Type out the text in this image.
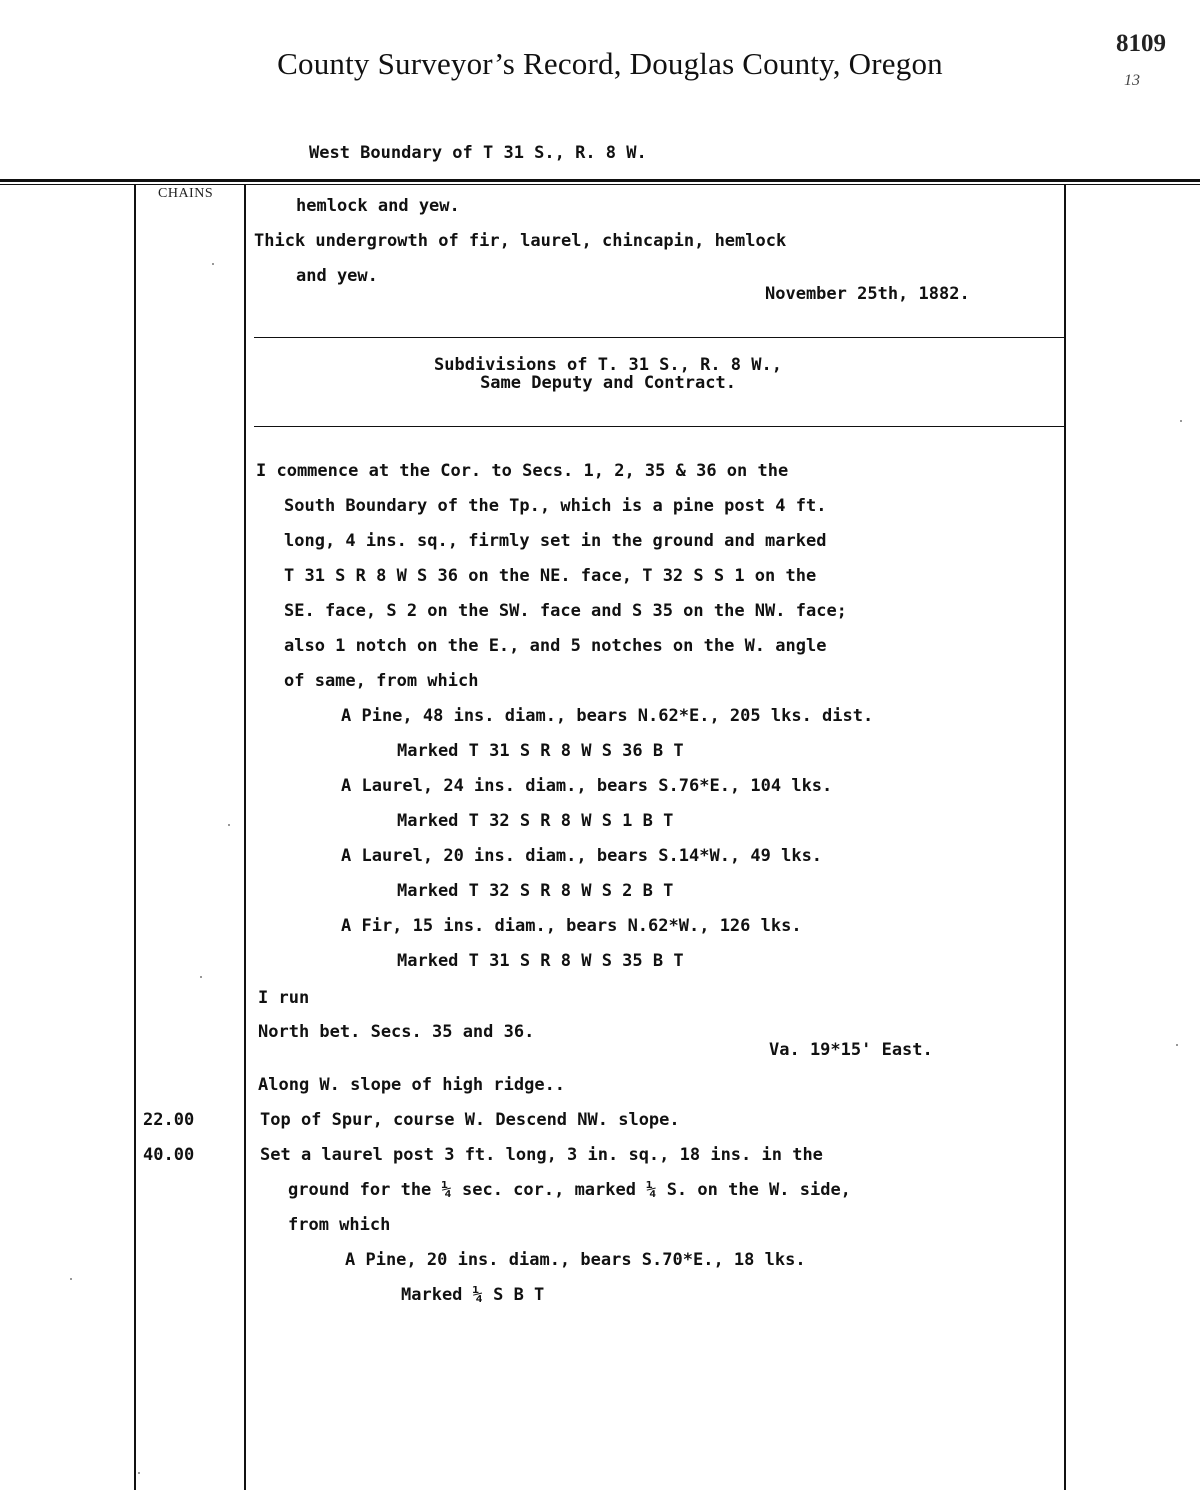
County Surveyor’s Record, Douglas County, Oregon
8109
13
West Boundary of T 31 S., R. 8 W.
CHAINS
hemlock and yew.
Thick undergrowth of fir, laurel, chincapin, hemlock
and yew.
November 25th, 1882.
Subdivisions of T. 31 S., R. 8 W.,
Same Deputy and Contract.
I commence at the Cor. to Secs. 1, 2, 35 & 36 on the
South Boundary of the Tp., which is a pine post 4 ft.
long, 4 ins. sq., firmly set in the ground and marked
T 31 S R 8 W S 36 on the NE. face, T 32 S S 1 on the
SE. face, S 2 on the SW. face and S 35 on the NW. face;
also 1 notch on the E., and 5 notches on the W. angle
of same, from which
A Pine, 48 ins. diam., bears N.62*E., 205 lks. dist.
Marked T 31 S R 8 W S 36 B T
A Laurel, 24 ins. diam., bears S.76*E., 104 lks.
Marked T 32 S R 8 W S 1 B T
A Laurel, 20 ins. diam., bears S.14*W., 49 lks.
Marked T 32 S R 8 W S 2 B T
A Fir, 15 ins. diam., bears N.62*W., 126 lks.
Marked T 31 S R 8 W S 35 B T
I run
North bet. Secs. 35 and 36.
Va. 19*15' East.
Along W. slope of high ridge..
22.00	Top of Spur, course W. Descend NW. slope.
40.00	Set a laurel post 3 ft. long, 3 in. sq., 18 ins. in the
ground for the ¼ sec. cor., marked ¼ S. on the W. side,
from which
A Pine, 20 ins. diam., bears S.70*E., 18 lks.
Marked ¼ S B T
